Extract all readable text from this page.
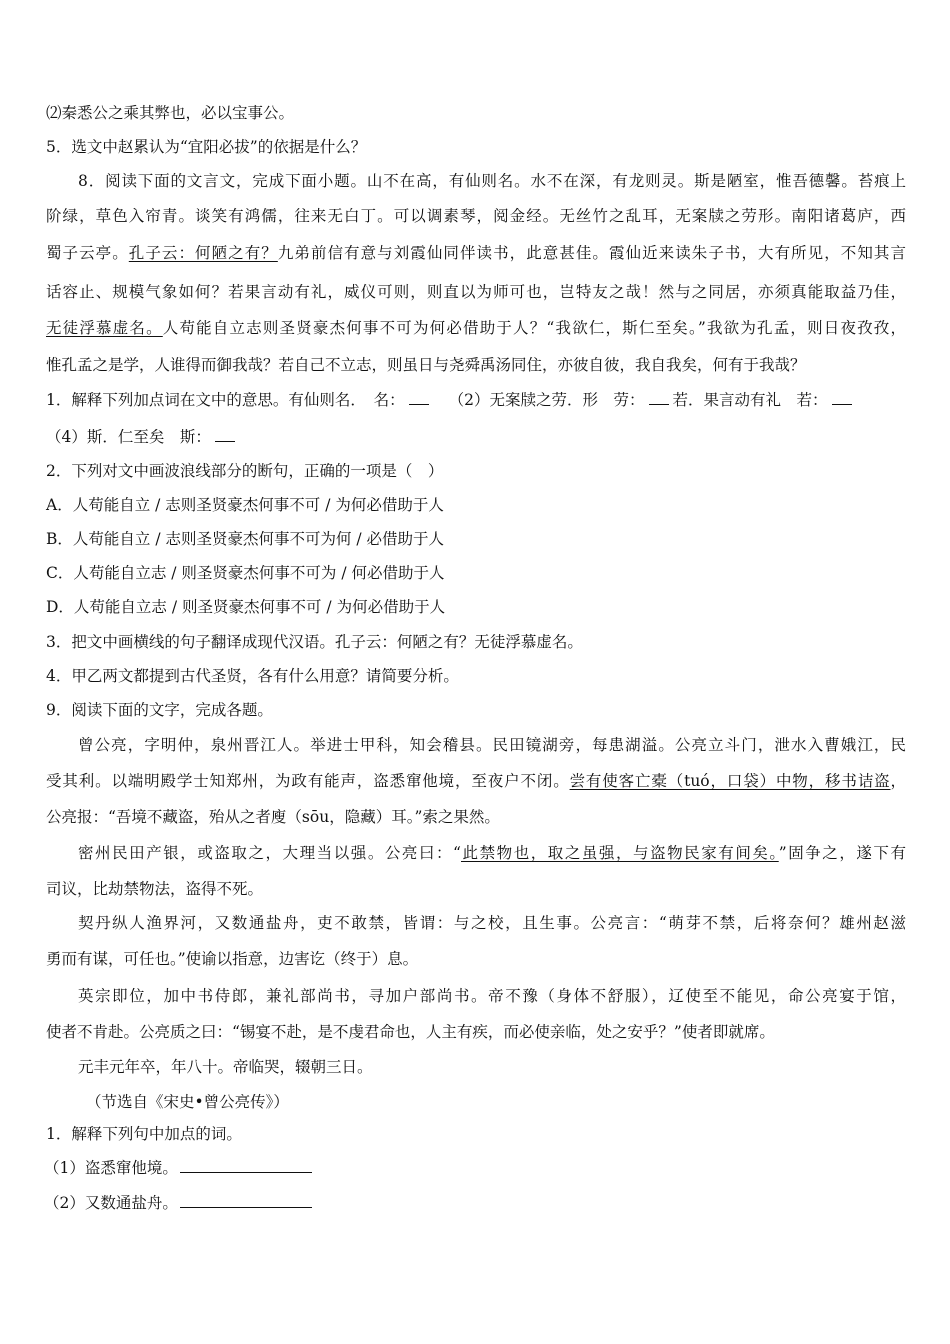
⑵秦悉公之乘其弊也，必以宝事公。
5．选文中赵累认为“宜阳必拔”的依据是什么？
8．阅读下面的文言文，完成下面小题。山不在高，有仙则名。水不在深，有龙则灵。斯是陋室，惟吾德馨。苔痕上
阶绿，草色入帘青。谈笑有鸿儒，往来无白丁。可以调素琴，阅金经。无丝竹之乱耳，无案牍之劳形。南阳诸葛庐，西
蜀子云亭。孔子云：何陋之有？九弟前信有意与刘霞仙同伴读书，此意甚佳。霞仙近来读朱子书，大有所见，不知其言
话容止、规模气象如何？若果言动有礼，威仪可则，则直以为师可也，岂特友之哉！然与之同居，亦须真能取益乃佳，
无徒浮慕虚名。人苟能自立志则圣贤豪杰何事不可为何必借助于人？“我欲仁，斯仁至矣。”我欲为孔孟，则日夜孜孜，
惟孔孟之是学，人谁得而御我哉？若自己不立志，则虽日与尧舜禹汤同住，亦彼自彼，我自我矣，何有于我哉？
1．解释下列加点词在文中的意思。有仙则名．　名：	（2）无案牍之劳．形　劳： 若．果言动有礼　若：
（4）斯．仁至矣　斯：
2．下列对文中画波浪线部分的断句，正确的一项是（　）
A．人苟能自立 / 志则圣贤豪杰何事不可 / 为何必借助于人
B．人苟能自立 / 志则圣贤豪杰何事不可为何 / 必借助于人
C．人苟能自立志 / 则圣贤豪杰何事不可为 / 何必借助于人
D．人苟能自立志 / 则圣贤豪杰何事不可 / 为何必借助于人
3．把文中画横线的句子翻译成现代汉语。孔子云：何陋之有？无徒浮慕虚名。
4．甲乙两文都提到古代圣贤，各有什么用意？请简要分析。
9．阅读下面的文字，完成各题。
曾公亮，字明仲，泉州晋江人。举进士甲科，知会稽县。民田镜湖旁，每患湖溢。公亮立斗门，泄水入曹娥江，民
受其利。以端明殿学士知郑州，为政有能声，盗悉窜他境，至夜户不闭。尝有使客亡橐（tuó，口袋）中物，移书诘盗，
公亮报：“吾境不藏盗，殆从之者廋（sōu，隐藏）耳。”索之果然。
密州民田产银，或盗取之，大理当以强。公亮曰：“此禁物也，取之虽强，与盗物民家有间矣。”固争之，遂下有
司议，比劫禁物法，盗得不死。
契丹纵人渔界河，又数通盐舟，吏不敢禁，皆谓：与之校，且生事。公亮言：“萌芽不禁，后将奈何？雄州赵滋
勇而有谋，可任也。”使谕以指意，边害讫（终于）息。
英宗即位，加中书侍郎，兼礼部尚书，寻加户部尚书。帝不豫（身体不舒服），辽使至不能见，命公亮宴于馆，
使者不肯赴。公亮质之曰：“锡宴不赴，是不虔君命也，人主有疾，而必使亲临，处之安乎？”使者即就席。
元丰元年卒，年八十。帝临哭，辍朝三日。
（节选自《宋史•曾公亮传》）
1．解释下列句中加点的词。
（1）盗悉窜他境。
（2）又数通盐舟。
